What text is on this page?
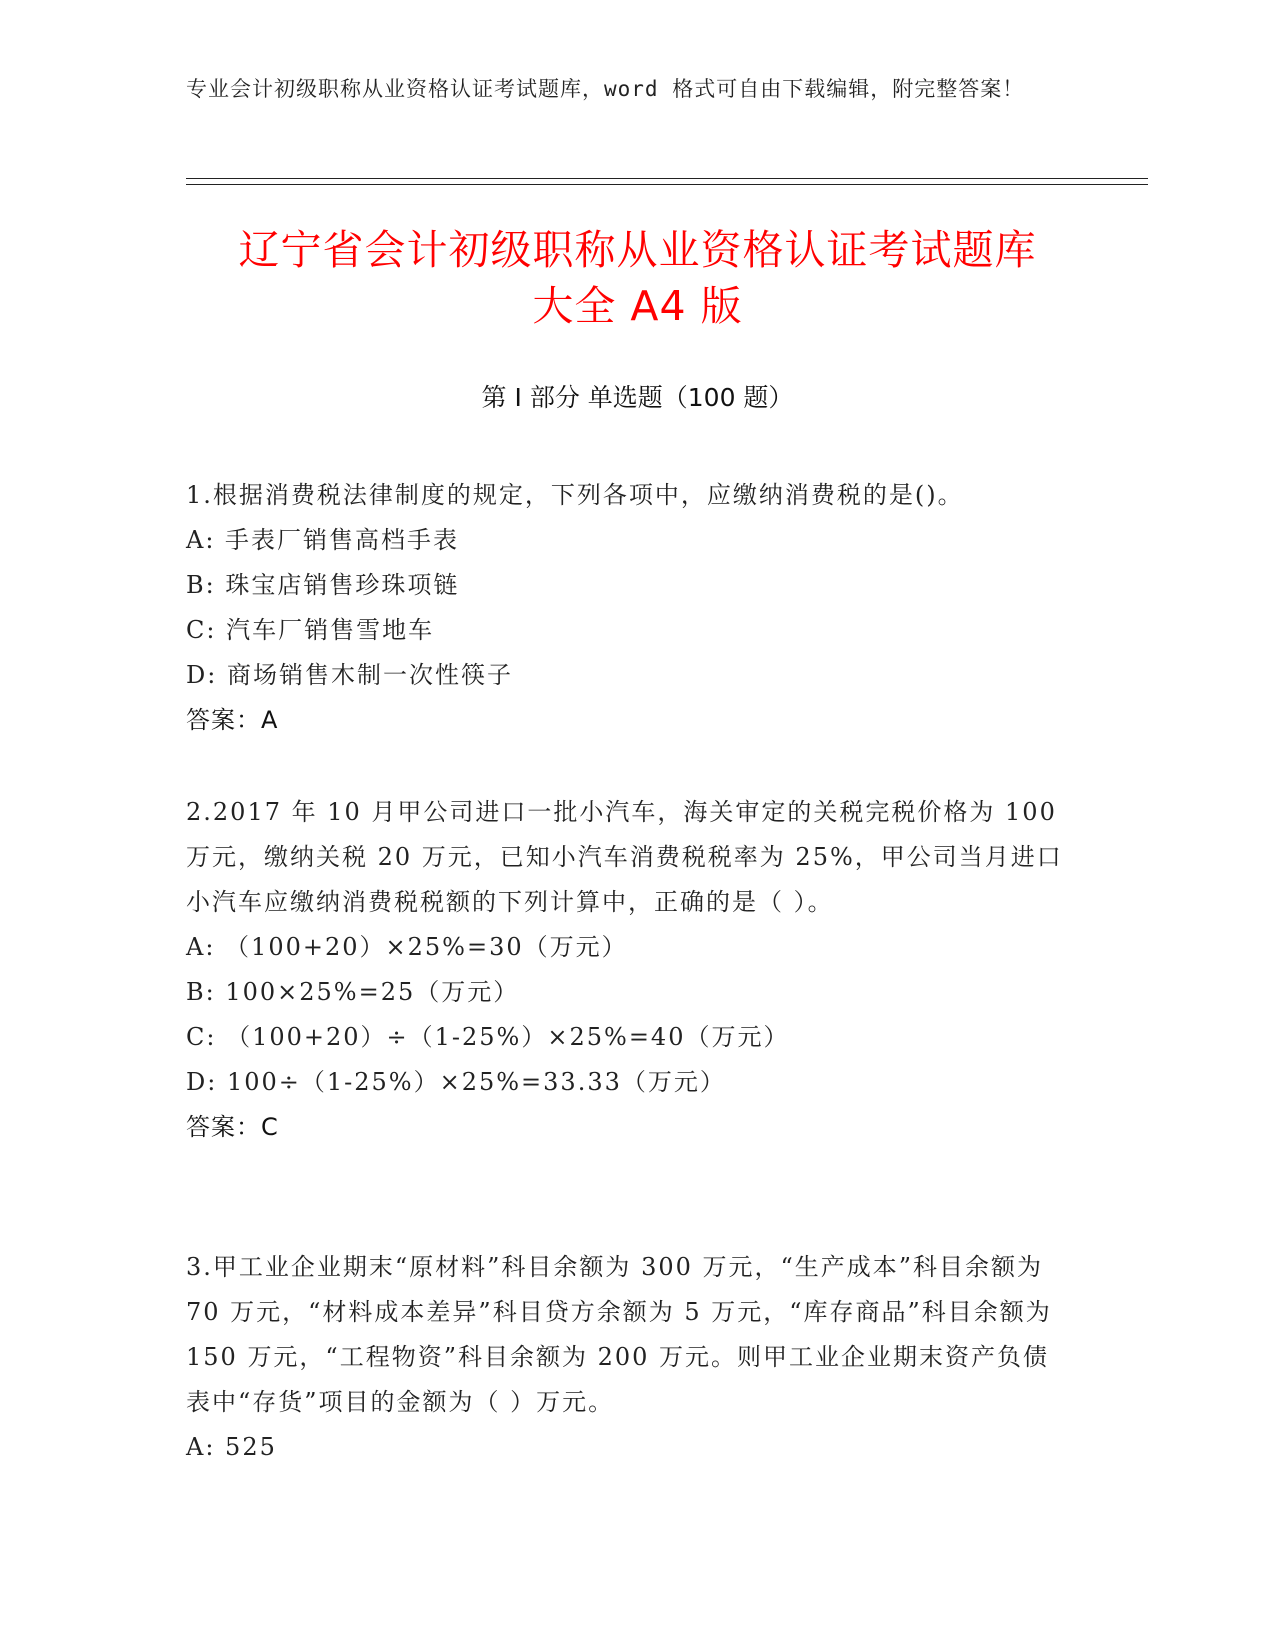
专业会计初级职称从业资格认证考试题库，word 格式可自由下载编辑，附完整答案！
辽宁省会计初级职称从业资格认证考试题库
大全 A4 版
第 I 部分 单选题（100 题）

1.根据消费税法律制度的规定，下列各项中，应缴纳消费税的是()。

A: 手表厂销售高档手表

B: 珠宝店销售珍珠项链

C: 汽车厂销售雪地车

D: 商场销售木制一次性筷子

答案：A

2.2017 年 10 月甲公司进口一批小汽车，海关审定的关税完税价格为 100 万元，缴纳关税 20 万元，已知小汽车消费税税率为 25%，甲公司当月进口小汽车应缴纳消费税税额的下列计算中，正确的是（ ）。

A: （100+20）×25%=30（万元）

B: 100×25%=25（万元）

C: （100+20）÷（1-25%）×25%=40（万元）

D: 100÷（1-25%）×25%=33.33（万元）

答案：C

3.甲工业企业期末“原材料”科目余额为 300 万元，“生产成本”科目余额为 70 万元，“材料成本差异”科目贷方余额为 5 万元，“库存商品”科目余额为 150 万元，“工程物资”科目余额为 200 万元。则甲工业企业期末资产负债表中“存货”项目的金额为（ ）万元。

A: 525
